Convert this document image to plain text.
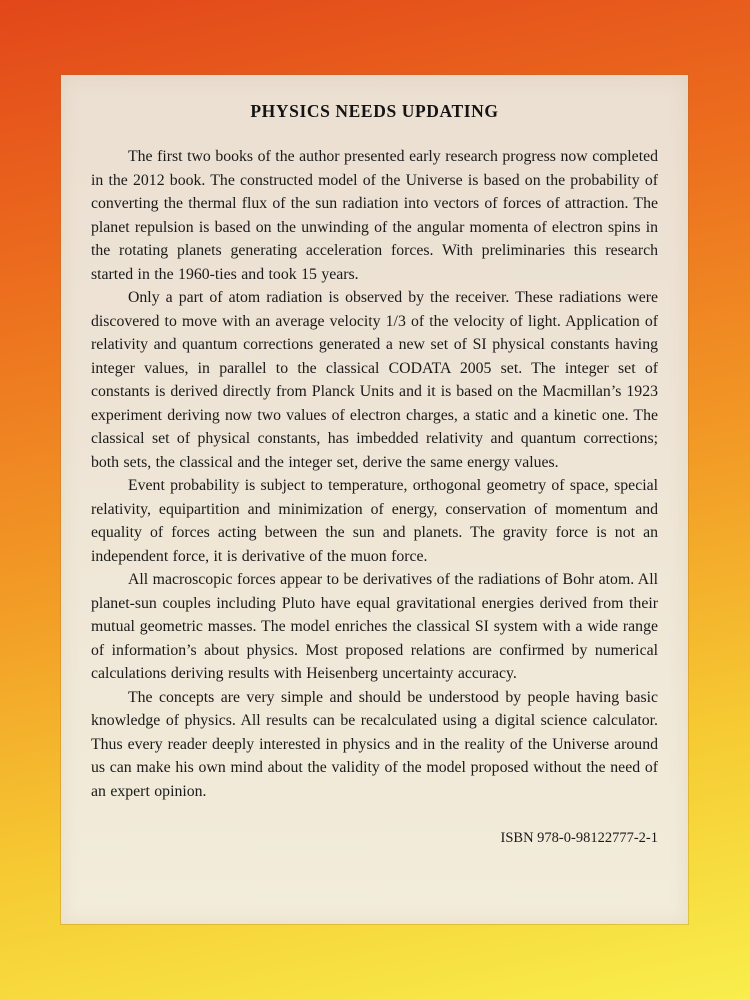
PHYSICS NEEDS UPDATING

The first two books of the author presented early research progress now completed in the 2012 book. The constructed model of the Universe is based on the probability of converting the thermal flux of the sun radiation into vectors of forces of attraction. The planet repulsion is based on the unwinding of the angular momenta of electron spins in the rotating planets generating acceleration forces. With preliminaries this research started in the 1960-ties and took 15 years.

Only a part of atom radiation is observed by the receiver. These radiations were discovered to move with an average velocity 1/3 of the velocity of light. Application of relativity and quantum corrections generated a new set of SI physical constants having integer values, in parallel to the classical CODATA 2005 set. The integer set of constants is derived directly from Planck Units and it is based on the Macmillan’s 1923 experiment deriving now two values of electron charges, a static and a kinetic one. The classical set of physical constants, has imbedded relativity and quantum corrections; both sets, the classical and the integer set, derive the same energy values.

Event probability is subject to temperature, orthogonal geometry of space, special relativity, equipartition and minimization of energy, conservation of momentum and equality of forces acting between the sun and planets. The gravity force is not an independent force, it is derivative of the muon force.

All macroscopic forces appear to be derivatives of the radiations of Bohr atom. All planet-sun couples including Pluto have equal gravitational energies derived from their mutual geometric masses. The model enriches the classical SI system with a wide range of information’s about physics. Most proposed relations are confirmed by numerical calculations deriving results with Heisenberg uncertainty accuracy.

The concepts are very simple and should be understood by people having basic knowledge of physics. All results can be recalculated using a digital science calculator. Thus every reader deeply interested in physics and in the reality of the Universe around us can make his own mind about the validity of the model proposed without the need of an expert opinion.

ISBN 978-0-98122777-2-1
